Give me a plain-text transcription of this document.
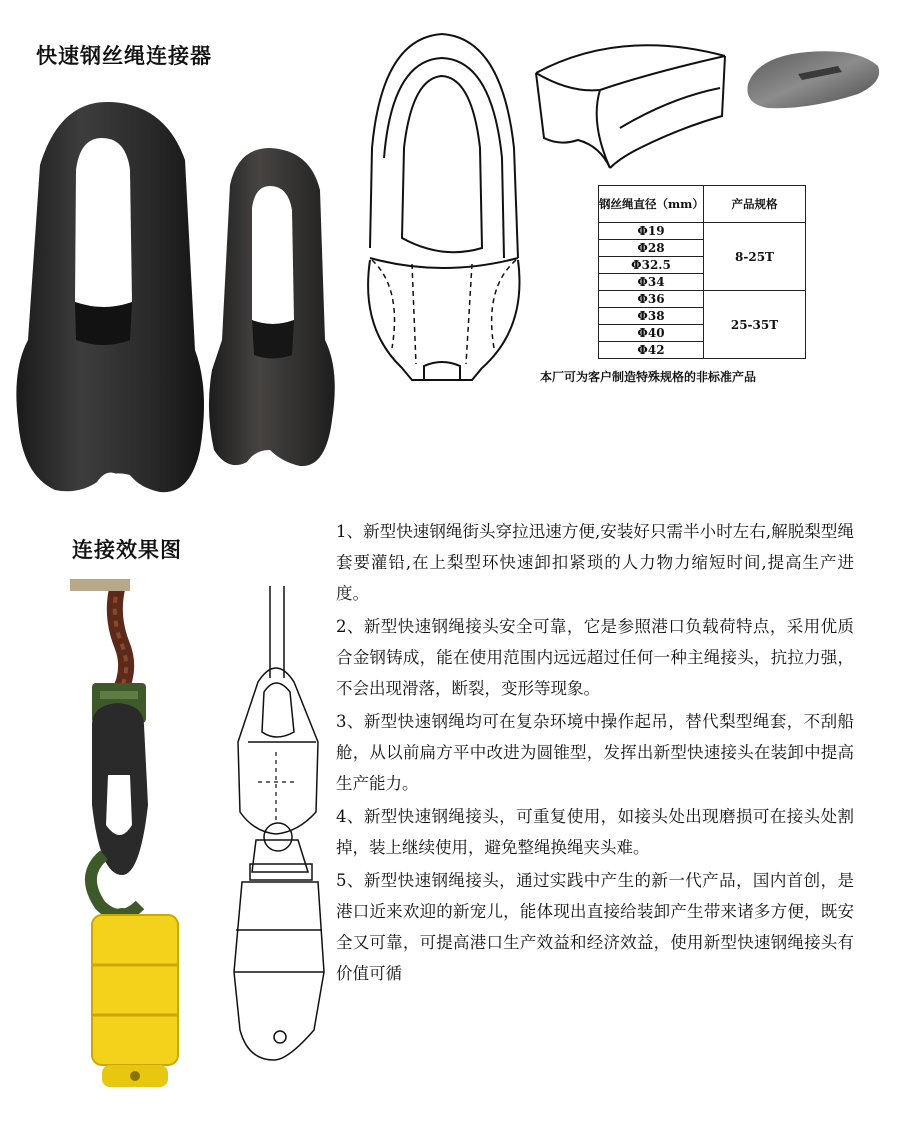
快速钢丝绳连接器
连接效果图
钢丝绳直径（mm）	产品规格
Φ19	8-25T
Φ28	
Φ32.5	
Φ34	
Φ36	25-35T
Φ38	
Φ40	
Φ42	
本厂可为客户制造特殊规格的非标准产品

1、新型快速钢绳街头穿拉迅速方便,安装好只需半小时左右,解脱梨型绳套要灌铅,在上梨型环快速卸扣紧琐的人力物力缩短时间,提高生产进度。

2、新型快速钢绳接头安全可靠，它是参照港口负载荷特点，采用优质合金钢铸成，能在使用范围内远远超过任何一种主绳接头，抗拉力强，不会出现滑落，断裂，变形等现象。

3、新型快速钢绳均可在复杂环境中操作起吊，替代梨型绳套，不刮船舱，从以前扁方平中改进为圆锥型，发挥出新型快速接头在装卸中提高生产能力。

4、新型快速钢绳接头，可重复使用，如接头处出现磨损可在接头处割掉，装上继续使用，避免整绳换绳夹头难。

5、新型快速钢绳接头，通过实践中产生的新一代产品，国内首创，是港口近来欢迎的新宠儿，能体现出直接给装卸产生带来诸多方便，既安全又可靠，可提高港口生产效益和经济效益，使用新型快速钢绳接头有价值可循
